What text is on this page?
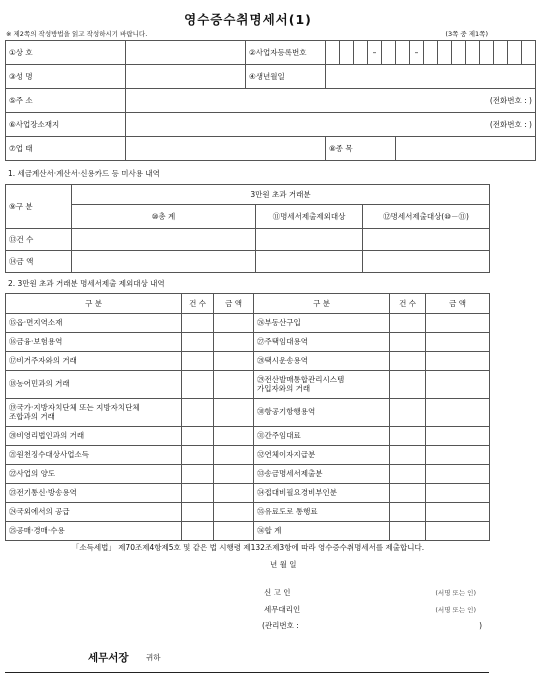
영수증수취명세서(1)
※ 제2쪽의 작성방법을 읽고 작성하시기 바랍니다.	(3쪽 중 제1쪽)
①상 호		②사업자등록번호				–			–								
③성 명		④생년월일															
⑤주 소	(전화번호 : )																
⑥사업장소재지	(전화번호 : )																
⑦업 태			⑧종 목														
1. 세금계산서·계산서·신용카드 등 미사용 내역
⑨구 분	3만원 초과 거래분		
	⑩총 계	⑪명세서제출제외대상	⑫명세서제출대상(⑩－⑪)
⑬건 수			
⑭금 액			
2. 3만원 초과 거래분 명세서제출 제외대상 내역
구 분	건 수	금 액	구 분	건 수	금 액
⑮읍·면지역소재			㉖부동산구입		
⑯금융·보험용역			㉗주택임대용역		
⑰비거주자와의 거래			㉘택시운송용역		
⑱농어민과의 거래			㉙전산발매통합관리시스템
가입자와의 거래		
⑲국가·지방자치단체 또는 지방자치단체
조합과의 거래			㉚항공기항행용역		
⑳비영리법인과의 거래			㉛간주임대료		
㉑원천징수대상사업소득			㉜연체이자지급분		
㉒사업의 양도			㉝송금명세서제출분		
㉓전기통신·방송용역			㉞접대비필요경비부인분		
㉔국외에서의 공급			㉟유료도로 통행료		
㉕공매·경매·수용			㊱합 계		
「소득세법」 제70조제4항제5호 및 같은 법 시행령 제132조제3항에 따라 영수증수취명세서를 제출합니다.
년 월 일
신 고 인	(서명 또는 인)
세무대리인	(서명 또는 인)
(관리번호 :	)
세무서장 귀하
